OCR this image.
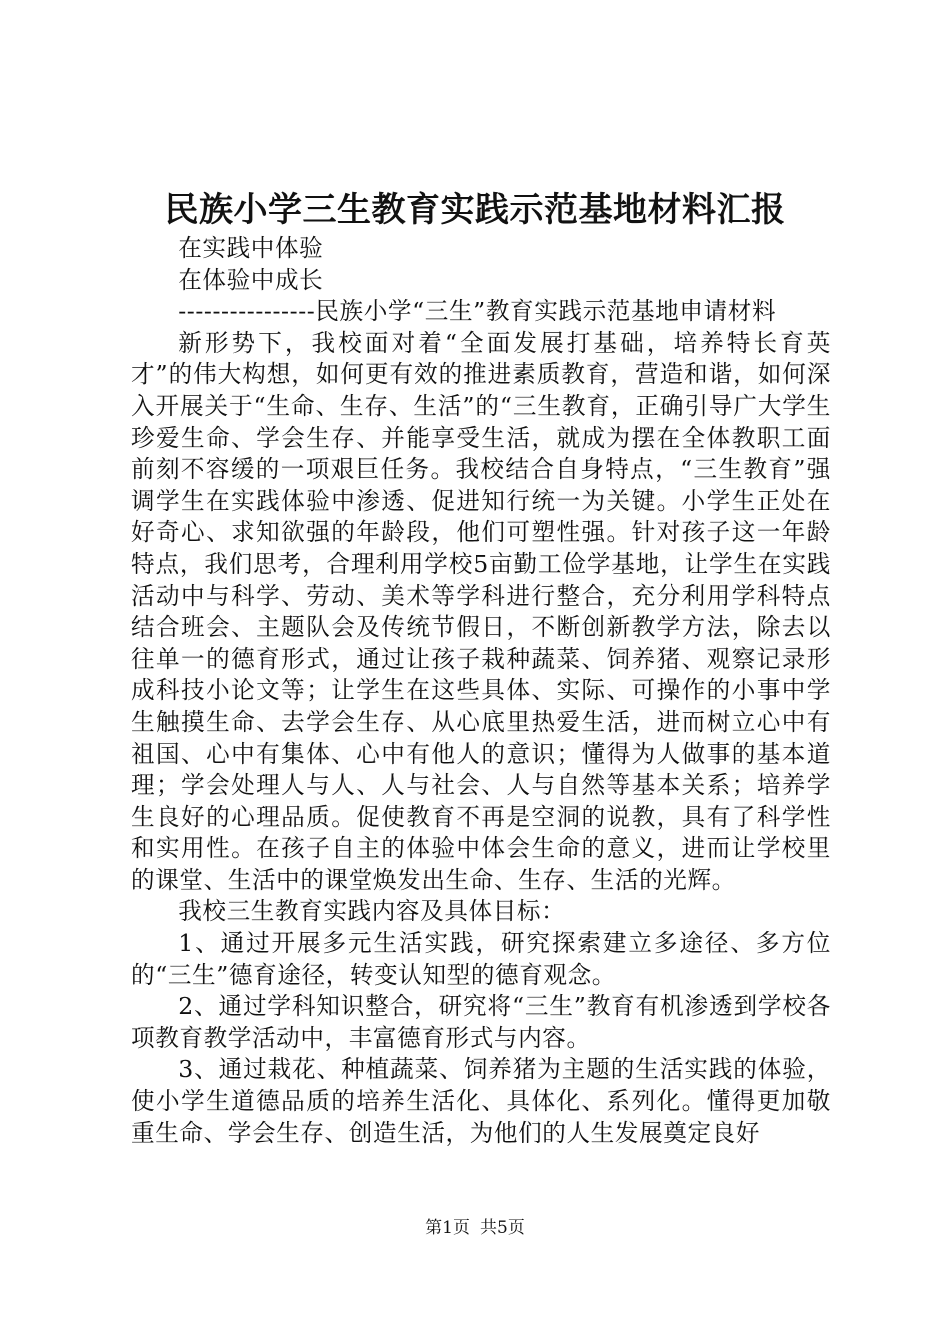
民族小学三生教育实践示范基地材料汇报

在实践中体验

在体验中成长

----------------民族小学“三生”教育实践示范基地申请材料

新形势下，我校面对着“全面发展打基础，培养特长育英才”的伟大构想，如何更有效的推进素质教育，营造和谐，如何深入开展关于“生命、生存、生活”的“三生教育，正确引导广大学生珍爱生命、学会生存、并能享受生活，就成为摆在全体教职工面前刻不容缓的一项艰巨任务。我校结合自身特点，“三生教育”强调学生在实践体验中渗透、促进知行统一为关键。小学生正处在好奇心、求知欲强的年龄段，他们可塑性强。针对孩子这一年龄特点，我们思考，合理利用学校5亩勤工俭学基地，让学生在实践活动中与科学、劳动、美术等学科进行整合，充分利用学科特点结合班会、主题队会及传统节假日，不断创新教学方法，除去以往单一的德育形式，通过让孩子栽种蔬菜、饲养猪、观察记录形成科技小论文等；让学生在这些具体、实际、可操作的小事中学生触摸生命、去学会生存、从心底里热爱生活，进而树立心中有祖国、心中有集体、心中有他人的意识；懂得为人做事的基本道理；学会处理人与人、人与社会、人与自然等基本关系；培养学生良好的心理品质。促使教育不再是空洞的说教，具有了科学性和实用性。在孩子自主的体验中体会生命的意义，进而让学校里的课堂、生活中的课堂焕发出生命、生存、生活的光辉。

我校三生教育实践内容及具体目标：

1、通过开展多元生活实践，研究探索建立多途径、多方位的“三生”德育途径，转变认知型的德育观念。

2、通过学科知识整合，研究将“三生”教育有机渗透到学校各项教育教学活动中，丰富德育形式与内容。

3、通过栽花、种植蔬菜、饲养猪为主题的生活实践的体验，使小学生道德品质的培养生活化、具体化、系列化。懂得更加敬重生命、学会生存、创造生活，为他们的人生发展奠定良好

第1页 共5页
